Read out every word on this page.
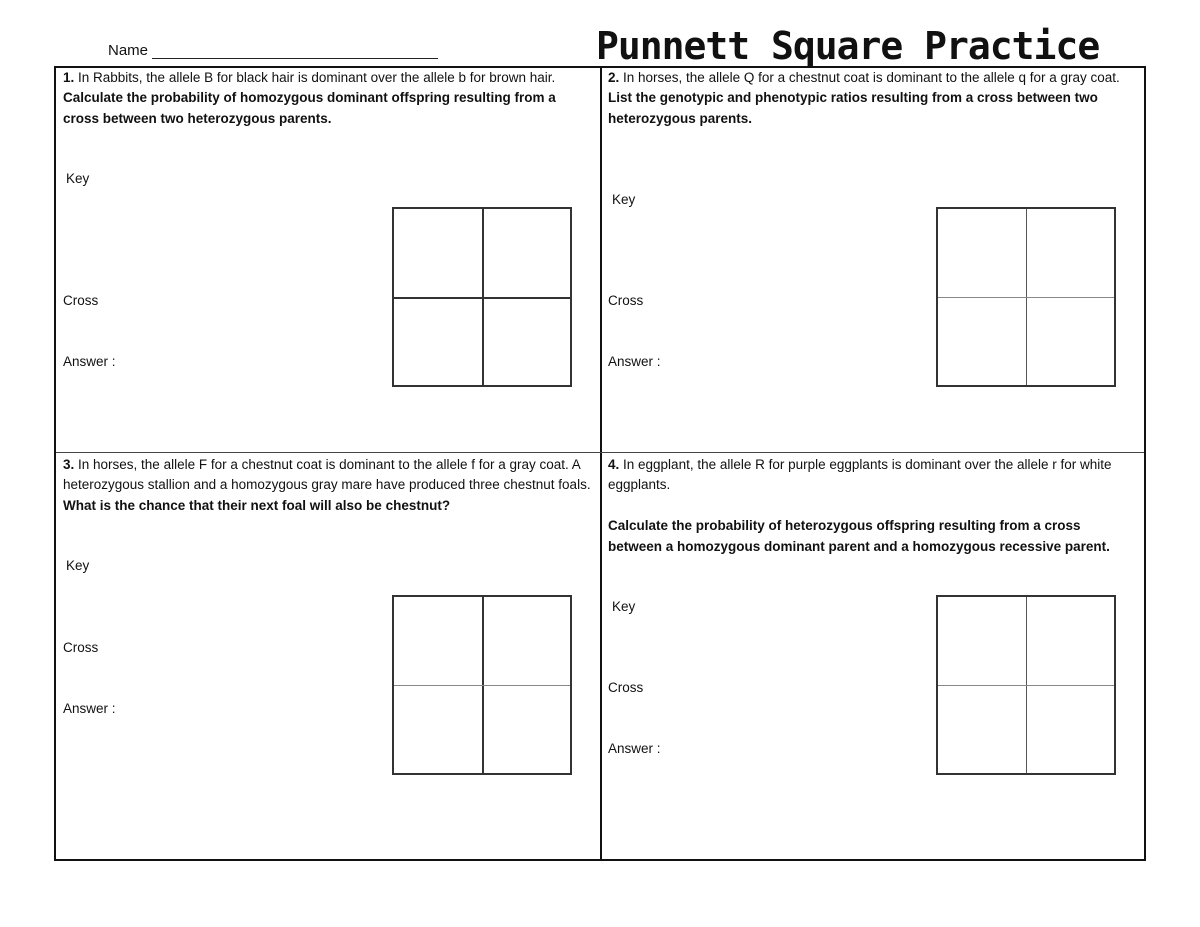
Name	Punnett Square Practice

1. In Rabbits, the allele B for black hair is dominant over the allele b for brown hair.

Calculate the probability of homozygous dominant offspring resulting from a cross between two heterozygous parents.

Key
Cross
Answer :

2. In horses, the allele Q for a chestnut coat is dominant to the allele q for a gray coat.

List the genotypic and phenotypic ratios resulting from a cross between two heterozygous parents.

Key
Cross
Answer :

3. In horses, the allele F for a chestnut coat is dominant to the allele f for a gray coat. A heterozygous stallion and a homozygous gray mare have produced three chestnut foals.

What is the chance that their next foal will also be chestnut?

Key
Cross
Answer :

4. In eggplant, the allele R for purple eggplants is dominant over the allele r for white eggplants.

Calculate the probability of heterozygous offspring resulting from a cross between a homozygous dominant parent and a homozygous recessive parent.

Key
Cross
Answer :
